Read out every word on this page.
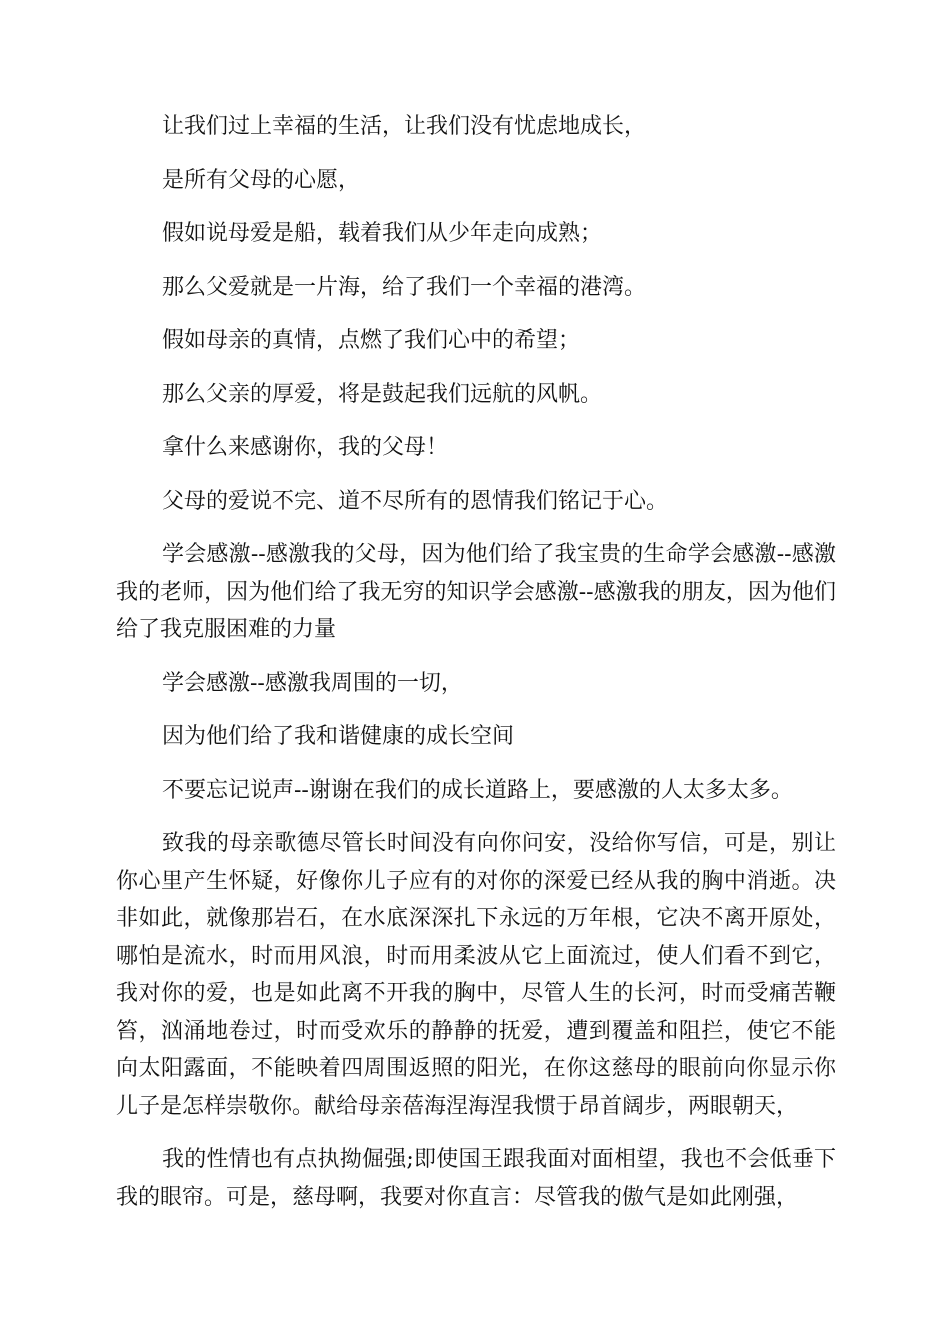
让我们过上幸福的生活，让我们没有忧虑地成长，

是所有父母的心愿，

假如说母爱是船，载着我们从少年走向成熟；

那么父爱就是一片海，给了我们一个幸福的港湾。

假如母亲的真情，点燃了我们心中的希望；

那么父亲的厚爱，将是鼓起我们远航的风帆。

拿什么来感谢你，我的父母！

父母的爱说不完、道不尽所有的恩情我们铭记于心。

学会感激--感激我的父母，因为他们给了我宝贵的生命学会感激--感激我的老师，因为他们给了我无穷的知识学会感激--感激我的朋友，因为他们给了我克服困难的力量

学会感激--感激我周围的一切，

因为他们给了我和谐健康的成长空间

不要忘记说声--谢谢在我们的成长道路上，要感激的人太多太多。

致我的母亲歌德尽管长时间没有向你问安，没给你写信，可是，别让你心里产生怀疑，好像你儿子应有的对你的深爱已经从我的胸中消逝。决非如此，就像那岩石，在水底深深扎下永远的万年根，它决不离开原处，哪怕是流水，时而用风浪，时而用柔波从它上面流过，使人们看不到它，我对你的爱，也是如此离不开我的胸中，尽管人生的长河，时而受痛苦鞭笞，汹涌地卷过，时而受欢乐的静静的抚爱，遭到覆盖和阻拦，使它不能向太阳露面，不能映着四周围返照的阳光，在你这慈母的眼前向你显示你儿子是怎样崇敬你。献给母亲蓓海涅海涅我惯于昂首阔步，两眼朝天，

我的性情也有点执拗倔强;即使国王跟我面对面相望，我也不会低垂下我的眼帘。可是，慈母啊，我要对你直言：尽管我的傲气是如此刚强，
